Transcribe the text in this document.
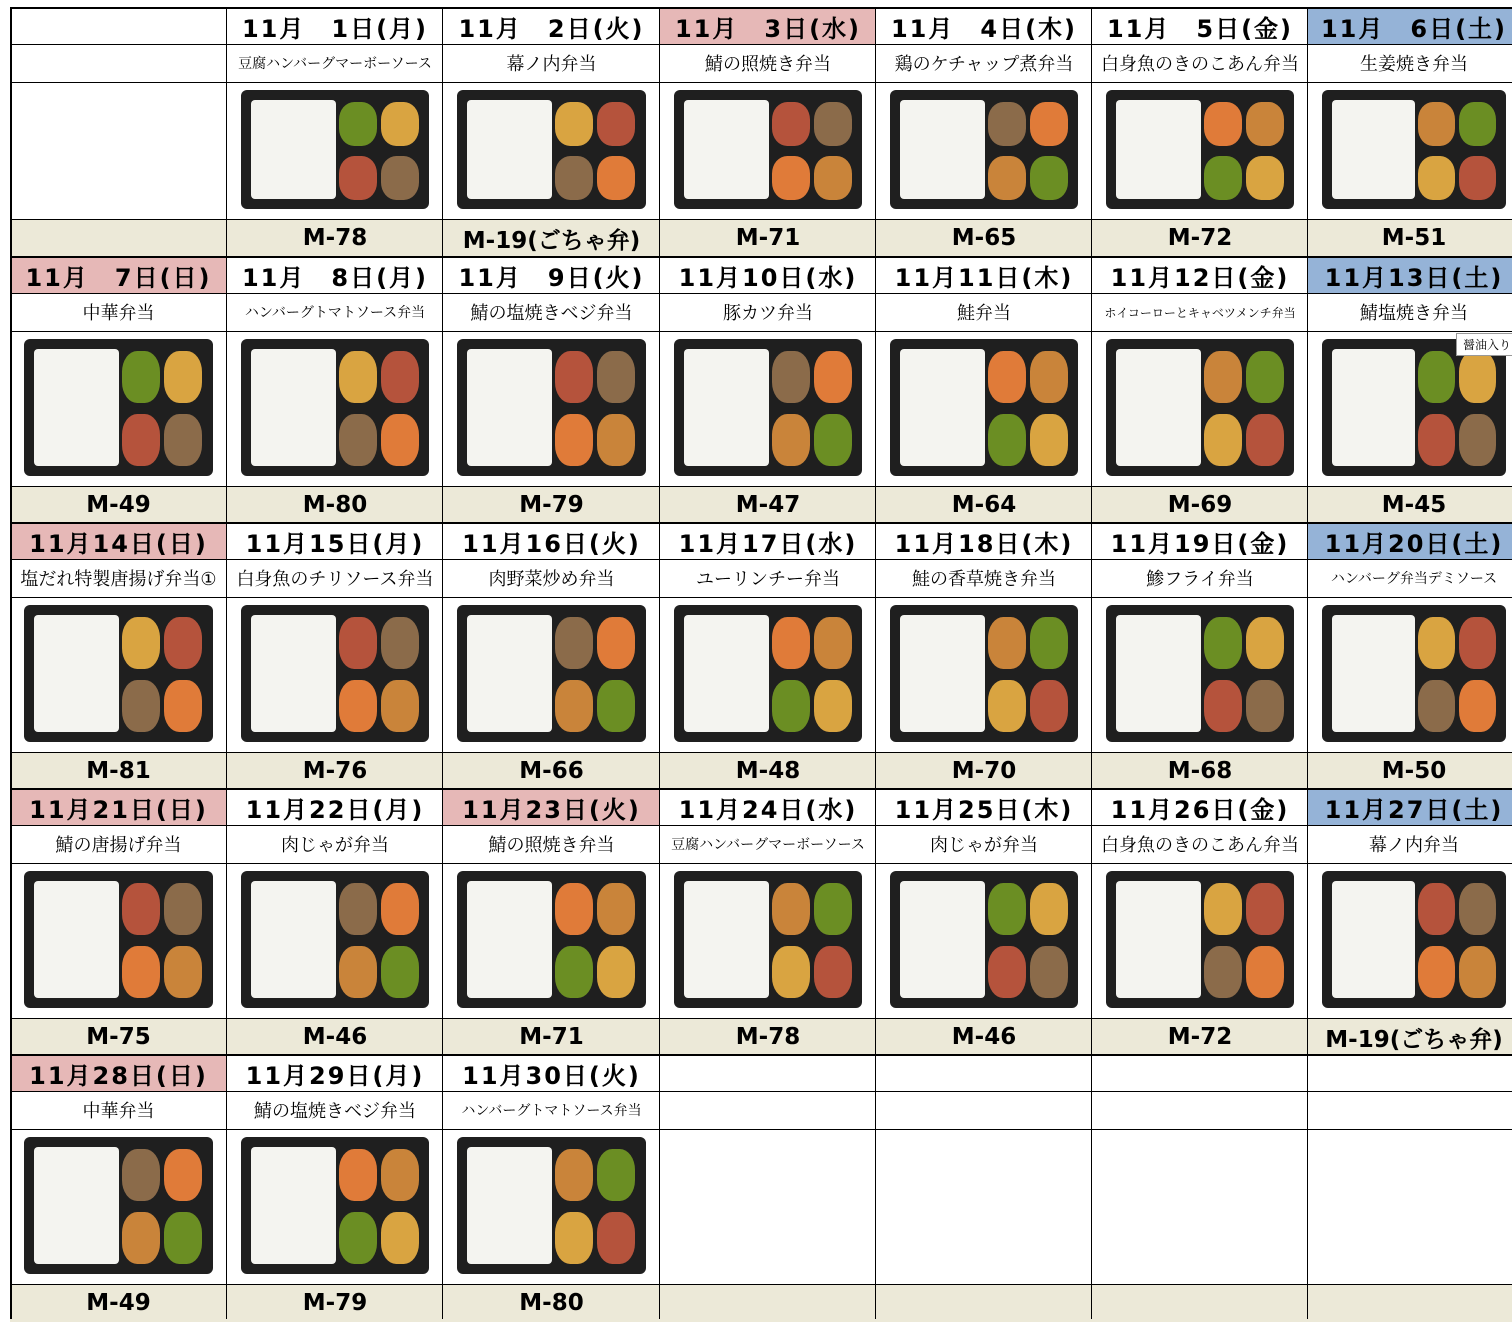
11月　1日(月)
豆腐ハンバーグマーボーソース
M-78
11月　2日(火)
幕ノ内弁当
M-19(ごちゃ弁)
11月　3日(水)
鯖の照焼き弁当
M-71
11月　4日(木)
鶏のケチャップ煮弁当
M-65
11月　5日(金)
白身魚のきのこあん弁当
M-72
11月　6日(土)
生姜焼き弁当
M-51
11月　7日(日)
中華弁当
M-49
11月　8日(月)
ハンバーグトマトソース弁当
M-80
11月　9日(火)
鯖の塩焼きベジ弁当
M-79
11月10日(水)
豚カツ弁当
M-47
11月11日(木)
鮭弁当
M-64
11月12日(金)
ホイコーローとキャベツメンチ弁当
M-69
11月13日(土)
鯖塩焼き弁当
醤油入り
M-45
11月14日(日)
塩だれ特製唐揚げ弁当①
M-81
11月15日(月)
白身魚のチリソース弁当
M-76
11月16日(火)
肉野菜炒め弁当
M-66
11月17日(水)
ユーリンチー弁当
M-48
11月18日(木)
鮭の香草焼き弁当
M-70
11月19日(金)
鯵フライ弁当
M-68
11月20日(土)
ハンバーグ弁当デミソース
M-50
11月21日(日)
鯖の唐揚げ弁当
M-75
11月22日(月)
肉じゃが弁当
M-46
11月23日(火)
鯖の照焼き弁当
M-71
11月24日(水)
豆腐ハンバーグマーボーソース
M-78
11月25日(木)
肉じゃが弁当
M-46
11月26日(金)
白身魚のきのこあん弁当
M-72
11月27日(土)
幕ノ内弁当
M-19(ごちゃ弁)
11月28日(日)
中華弁当
M-49
11月29日(月)
鯖の塩焼きベジ弁当
M-79
11月30日(火)
ハンバーグトマトソース弁当
M-80
